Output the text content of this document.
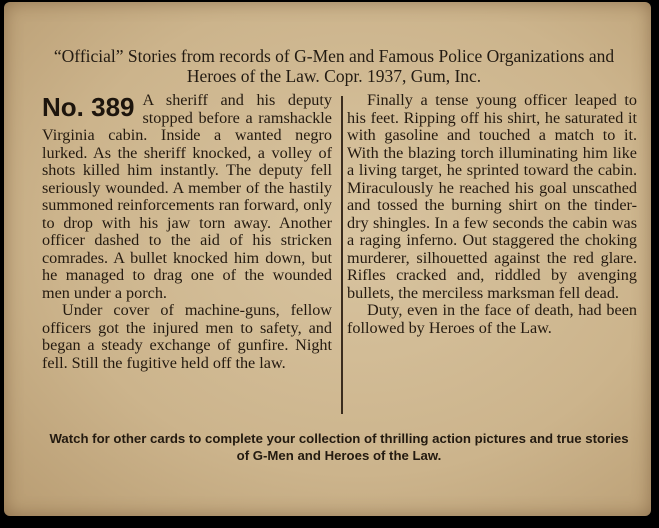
“Official” Stories from records of G-Men and Famous Police Organizations and Heroes of the Law. Copr. 1937, Gum, Inc.

No. 389 A sheriff and his deputy stopped before a ramshackle Virginia cabin. Inside a wanted negro lurked. As the sheriff knocked, a volley of shots killed him instantly. The deputy fell seriously wounded. A member of the hastily summoned reinforcements ran forward, only to drop with his jaw torn away. Another officer dashed to the aid of his stricken comrades. A bullet knocked him down, but he managed to drag one of the wounded men under a porch.

Under cover of machine-guns, fellow officers got the injured men to safety, and began a steady exchange of gunfire. Night fell. Still the fugitive held off the law.

Finally a tense young officer leaped to his feet. Ripping off his shirt, he saturated it with gasoline and touched a match to it. With the blazing torch illuminating him like a living target, he sprinted toward the cabin. Miraculously he reached his goal unscathed and tossed the burning shirt on the tinder-dry shingles. In a few seconds the cabin was a raging inferno. Out staggered the choking murderer, silhouetted against the red glare. Rifles cracked and, riddled by avenging bullets, the merciless marksman fell dead.

Duty, even in the face of death, had been followed by Heroes of the Law.

Watch for other cards to complete your collection of thrilling action pictures and true stories of G-Men and Heroes of the Law.
